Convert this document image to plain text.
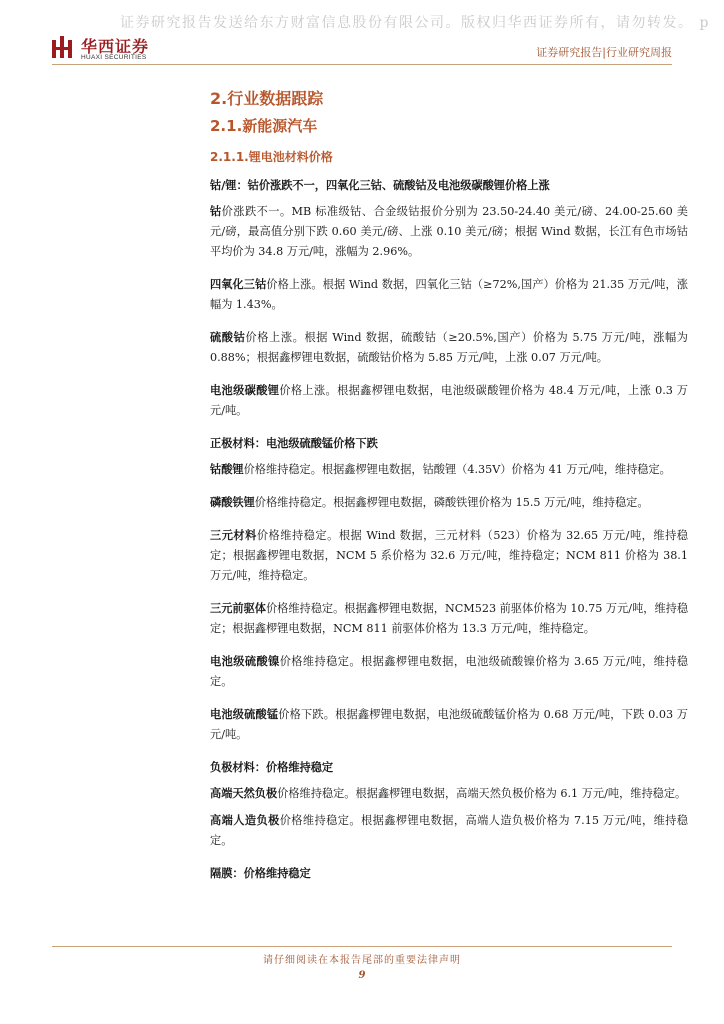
证券研究报告发送给东方财富信息股份有限公司。版权归华西证券所有，请勿转发。 p
华西证券
HUAXI SECURITIES	证券研究报告|行业研究周报
2.行业数据跟踪
2.1.新能源汽车
2.1.1.锂电池材料价格
钴/锂：钴价涨跌不一，四氧化三钴、硫酸钴及电池级碳酸锂价格上涨

钴价涨跌不一。MB 标准级钴、合金级钴报价分别为 23.50-24.40 美元/磅、24.00-25.60 美元/磅，最高值分别下跌 0.60 美元/磅、上涨 0.10 美元/磅；根据 Wind 数据，长江有色市场钴平均价为 34.8 万元/吨，涨幅为 2.96%。

四氧化三钴价格上涨。根据 Wind 数据，四氧化三钴（≥72%,国产）价格为 21.35 万元/吨，涨幅为 1.43%。

硫酸钴价格上涨。根据 Wind 数据，硫酸钴（≥20.5%,国产）价格为 5.75 万元/吨，涨幅为 0.88%；根据鑫椤锂电数据，硫酸钴价格为 5.85 万元/吨，上涨 0.07 万元/吨。

电池级碳酸锂价格上涨。根据鑫椤锂电数据，电池级碳酸锂价格为 48.4 万元/吨，上涨 0.3 万元/吨。

正极材料：电池级硫酸锰价格下跌

钴酸锂价格维持稳定。根据鑫椤锂电数据，钴酸锂（4.35V）价格为 41 万元/吨，维持稳定。

磷酸铁锂价格维持稳定。根据鑫椤锂电数据，磷酸铁锂价格为 15.5 万元/吨，维持稳定。

三元材料价格维持稳定。根据 Wind 数据，三元材料（523）价格为 32.65 万元/吨，维持稳定；根据鑫椤锂电数据，NCM 5 系价格为 32.6 万元/吨，维持稳定；NCM 811 价格为 38.1 万元/吨，维持稳定。

三元前驱体价格维持稳定。根据鑫椤锂电数据，NCM523 前驱体价格为 10.75 万元/吨，维持稳定；根据鑫椤锂电数据，NCM 811 前驱体价格为 13.3 万元/吨，维持稳定。

电池级硫酸镍价格维持稳定。根据鑫椤锂电数据，电池级硫酸镍价格为 3.65 万元/吨，维持稳定。

电池级硫酸锰价格下跌。根据鑫椤锂电数据，电池级硫酸锰价格为 0.68 万元/吨，下跌 0.03 万元/吨。

负极材料：价格维持稳定

高端天然负极价格维持稳定。根据鑫椤锂电数据，高端天然负极价格为 6.1 万元/吨，维持稳定。

高端人造负极价格维持稳定。根据鑫椤锂电数据，高端人造负极价格为 7.15 万元/吨，维持稳定。

隔膜：价格维持稳定
请仔细阅读在本报告尾部的重要法律声明
9
